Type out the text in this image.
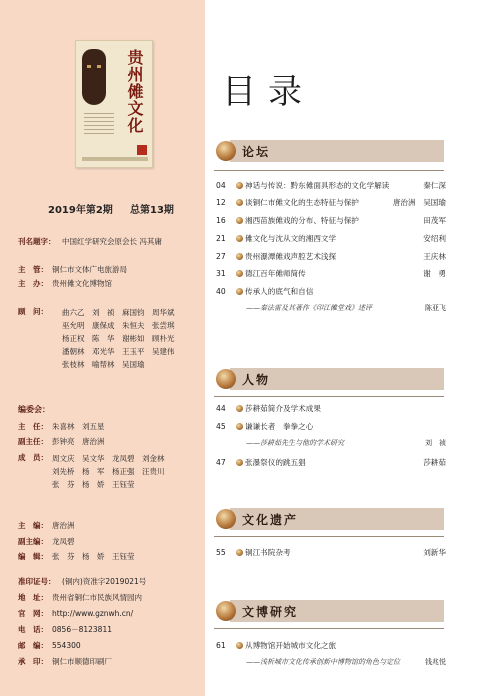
贵州傩文化
2019年第2期 总第13期
刊名题字： 中国红学研究会原会长 冯其庸
主　管： 铜仁市文体广电旅游局
主　办： 贵州傩文化博物馆
顾　问：	曲六乙　刘　祯　麻国钧　周华斌
巫允明　康保成　朱恒夫　张尝琪
杨正权　陈　华　谢彬如　顾朴光
潘朝林　邓光华　王玉平　吴建伟
张枝林　喻帮林　吴国瑜
编委会：
主　任： 朱喜林　刘五星
副主任： 彭钟亮　唐治洲
成　员： 周文庆　吴文华　龙凤碧　刘金林
刘先桥　杨　军　杨正强　汪贵川
张　芬　杨　娇　王钰莹
主　编： 唐治洲
副主编： 龙凤碧
编　辑： 张　芬　杨　娇　王钰莹
准印证号： (铜内)资准字2019021号
地　址： 贵州省铜仁市民族风情园内
官　网： http://www.gznwh.cn/
电　话： 0856－8123811
邮　编： 554300
承　印： 铜仁市顺德印刷厂
目录
论坛
04	神话与传说：黔东傩面具形态的文化学解读	秦仁深
12	谈铜仁市傩文化的生态特征与保护	唐治洲　吴国瑜
16	湘西苗族傩戏的分布、特征与保护	田茂军
21	傩文化与沈从文的湘西文学	安绍利
27	贵州瀑潭傩戏声腔艺术浅探	王庆林
31	德江百年傩师简传	谢　勇
40	传承人的底气和自信
——秦法雷及其著作《印江傩堂戏》述评	陈亚飞
人物
44	莎耕茹简介及学术成果
45	谦谦长者　拳拳之心
——莎耕茹先生与他的学术研究	刘　祯
47	张瀑祭仪的跳五猖	莎耕茹
文化遗产
55	铜江书院杂考	刘新华
文博研究
61	从博物馆开始城市文化之旅
——浅析城市文化传承创新中博物馆的角色与定位	钱兆悦
